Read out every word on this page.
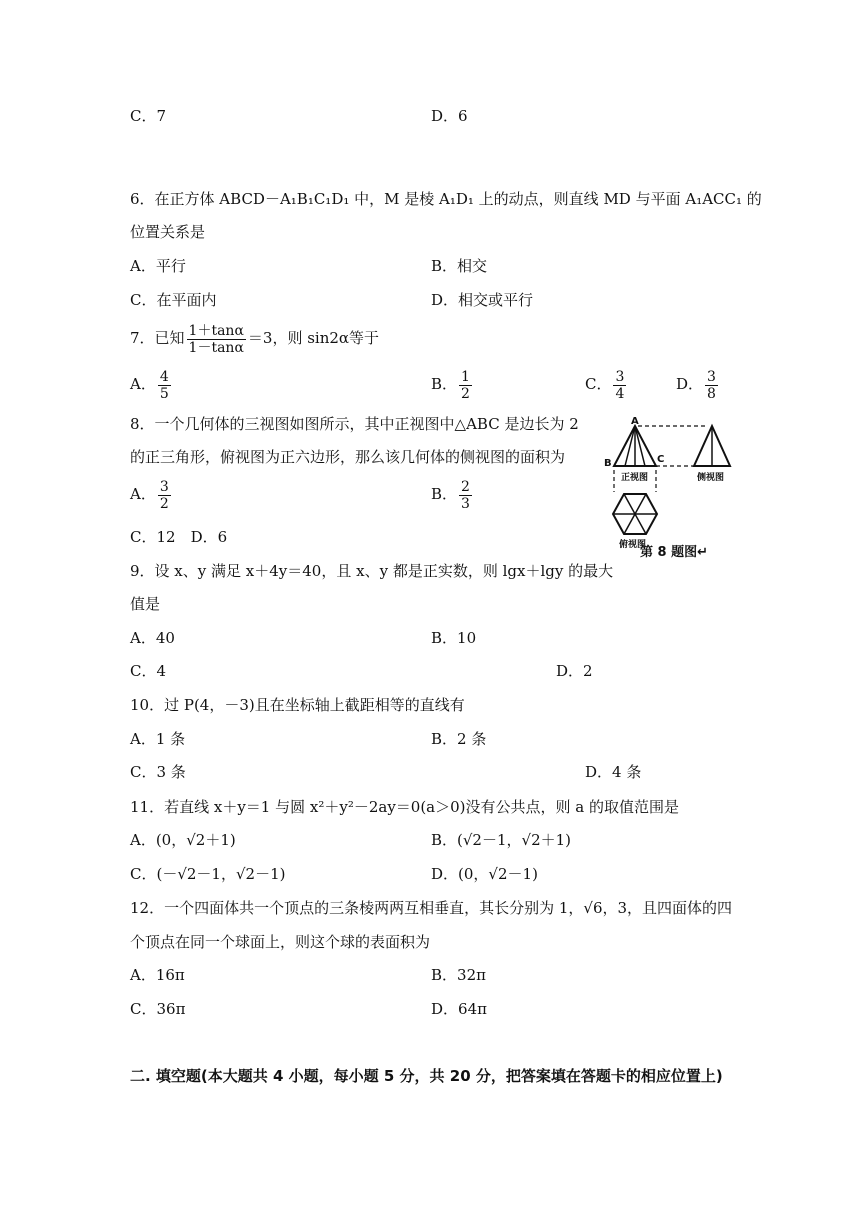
C．7	D．6
6．在正方体 ABCD－A₁B₁C₁D₁ 中，M 是棱 A₁D₁ 上的动点，则直线 MD 与平面 A₁ACC₁ 的
位置关系是
A．平行	B．相交
C．在平面内	D．相交或平行
7．已知 $\frac{1+\tan\alpha}{1-\tan\alpha} =3$，则 sin2α等于
A． $\frac{4}{5}$	B． $\frac{1}{2}$	C． $\frac{3}{4}$	D． $\frac{3}{8}$
8．一个几何体的三视图如图所示，其中正视图中△ABC 是边长为 2
的正三角形，俯视图为正六边形，那么该几何体的侧视图的面积为
A． $\frac{3}{2}$	B． $\frac{2}{3}$
C．12　D．6
A
B	C
正视图	侧视图
俯视图
第 8 题图↵
9．设 x、y 满足 x＋4y＝40，且 x、y 都是正实数，则 lgx＋lgy 的最大
值是
A．40	B．10
C．4	D．2
10．过 P(4，－3)且在坐标轴上截距相等的直线有
A．1 条	B．2 条
C．3 条	D．4 条
11．若直线 x＋y＝1 与圆 x²＋y²－2ay＝0(a＞0)没有公共点，则 a 的取值范围是
A．(0，√2＋1)	B．(√2－1，√2＋1)
C．(－√2－1，√2－1)	D．(0，√2－1)
12．一个四面体共一个顶点的三条棱两两互相垂直，其长分别为 1，√6，3，且四面体的四
个顶点在同一个球面上，则这个球的表面积为
A．16π	B．32π
C．36π	D．64π
二. 填空题(本大题共 4 小题，每小题 5 分，共 20 分，把答案填在答题卡的相应位置上)
